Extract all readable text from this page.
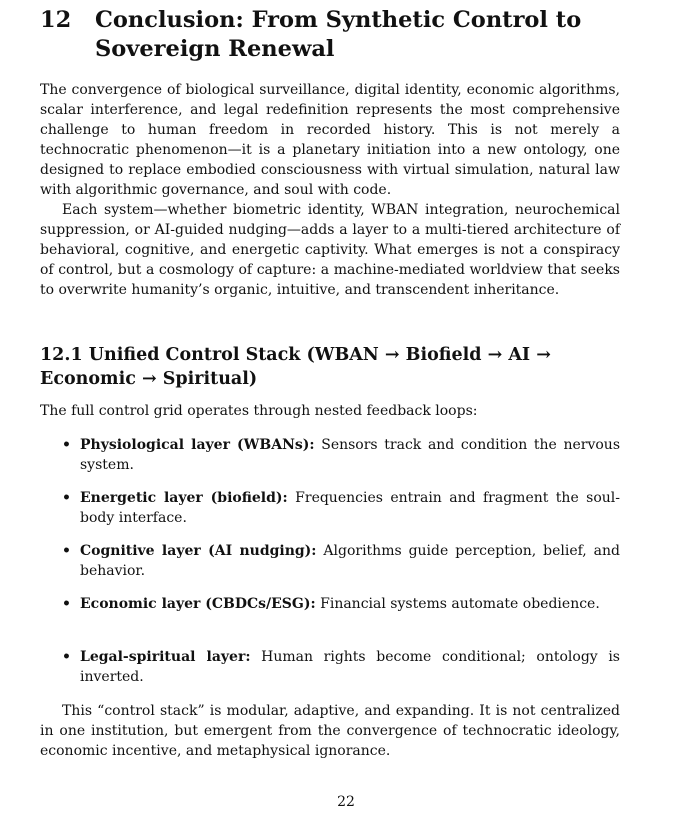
12	Conclusion: From Synthetic Control to Sovereign Renewal

The convergence of biological surveillance, digital identity, economic algorithms, scalar interference, and legal redefinition represents the most comprehensive challenge to human freedom in recorded history. This is not merely a technocratic phenomenon—it is a planetary initiation into a new ontology, one designed to replace embodied consciousness with virtual simulation, natural law with algorithmic governance, and soul with code.

Each system—whether biometric identity, WBAN integration, neurochemical suppression, or AI-guided nudging—adds a layer to a multi-tiered architecture of behavioral, cognitive, and energetic captivity. What emerges is not a conspiracy of control, but a cosmology of capture: a machine-mediated worldview that seeks to overwrite humanity’s organic, intuitive, and transcendent inheritance.

12.1 Unified Control Stack (WBAN → Biofield → AI → Economic → Spiritual)

The full control grid operates through nested feedback loops:

• Physiological layer (WBANs): Sensors track and condition the nervous system.
• Energetic layer (biofield): Frequencies entrain and fragment the soul-body interface.
• Cognitive layer (AI nudging): Algorithms guide perception, belief, and behavior.
• Economic layer (CBDCs/ESG): Financial systems automate obedience.
• Legal-spiritual layer: Human rights become conditional; ontology is inverted.

This “control stack” is modular, adaptive, and expanding. It is not centralized in one institution, but emergent from the convergence of technocratic ideology, economic incentive, and metaphysical ignorance.

22
